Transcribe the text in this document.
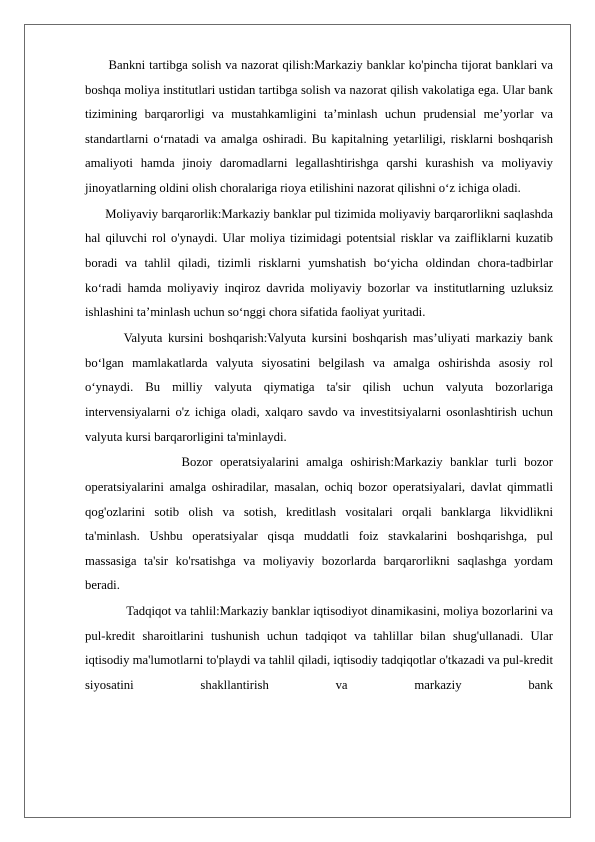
Bankni tartibga solish va nazorat qilish:Markaziy banklar ko'pincha tijorat banklari va boshqa moliya institutlari ustidan tartibga solish va nazorat qilish vakolatiga ega. Ular bank tizimining barqarorligi va mustahkamligini taʼminlash uchun prudensial meʼyorlar va standartlarni oʻrnatadi va amalga oshiradi. Bu kapitalning yetarliligi, risklarni boshqarish amaliyoti hamda jinoiy daromadlarni legallashtirishga qarshi kurashish va moliyaviy jinoyatlarning oldini olish choralariga rioya etilishini nazorat qilishni oʻz ichiga oladi.

Moliyaviy barqarorlik:Markaziy banklar pul tizimida moliyaviy barqarorlikni saqlashda hal qiluvchi rol o'ynaydi. Ular moliya tizimidagi potentsial risklar va zaifliklarni kuzatib boradi va tahlil qiladi, tizimli risklarni yumshatish bo‘yicha oldindan chora-tadbirlar ko‘radi hamda moliyaviy inqiroz davrida moliyaviy bozorlar va institutlarning uzluksiz ishlashini taʼminlash uchun so‘nggi chora sifatida faoliyat yuritadi.

Valyuta kursini boshqarish:Valyuta kursini boshqarish masʼuliyati markaziy bank boʻlgan mamlakatlarda valyuta siyosatini belgilash va amalga oshirishda asosiy rol oʻynaydi. Bu milliy valyuta qiymatiga ta'sir qilish uchun valyuta bozorlariga intervensiyalarni o'z ichiga oladi, xalqaro savdo va investitsiyalarni osonlashtirish uchun valyuta kursi barqarorligini ta'minlaydi.

Bozor operatsiyalarini amalga oshirish:Markaziy banklar turli bozor operatsiyalarini amalga oshiradilar, masalan, ochiq bozor operatsiyalari, davlat qimmatli qog'ozlarini sotib olish va sotish, kreditlash vositalari orqali banklarga likvidlikni ta'minlash. Ushbu operatsiyalar qisqa muddatli foiz stavkalarini boshqarishga, pul massasiga ta'sir ko'rsatishga va moliyaviy bozorlarda barqarorlikni saqlashga yordam beradi.

Tadqiqot va tahlil:Markaziy banklar iqtisodiyot dinamikasini, moliya bozorlarini va pul-kredit sharoitlarini tushunish uchun tadqiqot va tahlillar bilan shug'ullanadi. Ular iqtisodiy ma'lumotlarni to'playdi va tahlil qiladi, iqtisodiy tadqiqotlar o'tkazadi va pul-kredit siyosatini shakllantirish va markaziy bank
